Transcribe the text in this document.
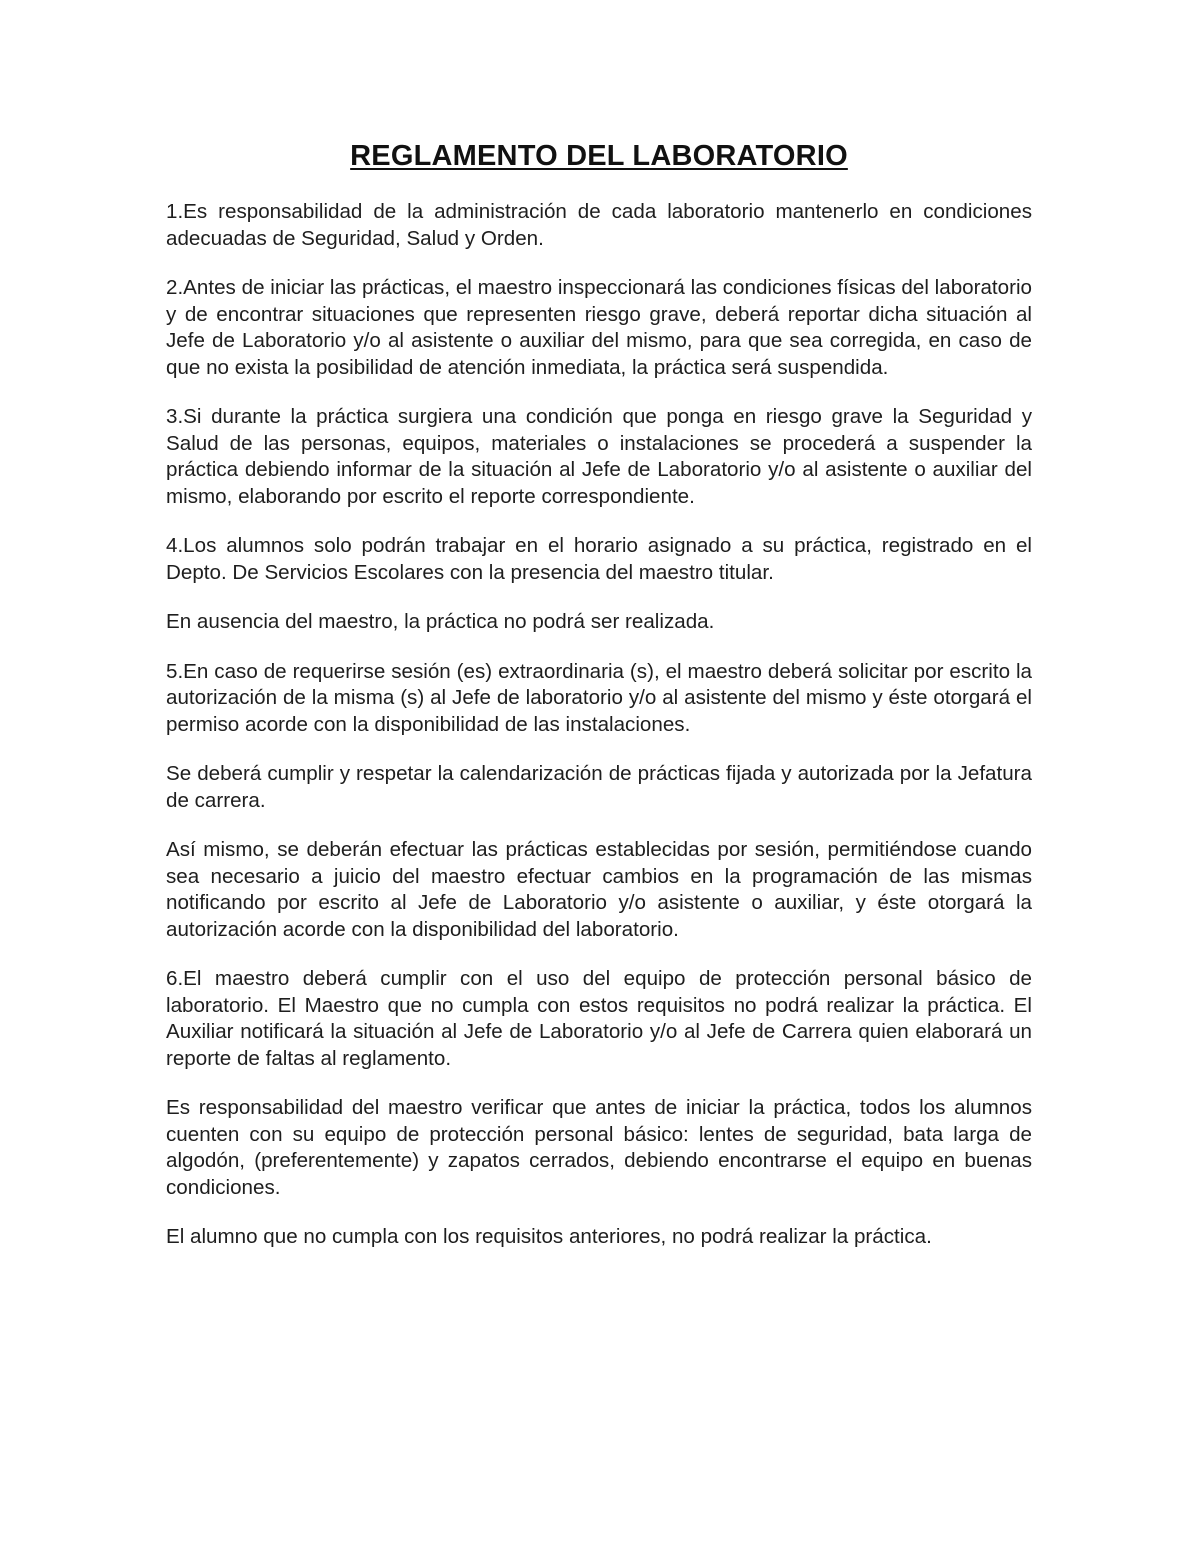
REGLAMENTO DEL LABORATORIO

1.Es responsabilidad de la administración de cada laboratorio mantenerlo en condiciones adecuadas de Seguridad, Salud y Orden.

2.Antes de iniciar las prácticas, el maestro inspeccionará las condiciones físicas del laboratorio y de encontrar situaciones que representen riesgo grave, deberá reportar dicha situación al Jefe de Laboratorio y/o al asistente o auxiliar del mismo, para que sea corregida, en caso de que no exista la posibilidad de atención inmediata, la práctica será suspendida.

3.Si durante la práctica surgiera una condición que ponga en riesgo grave la Seguridad y Salud de las personas, equipos, materiales o instalaciones se procederá a suspender la práctica debiendo informar de la situación al Jefe de Laboratorio y/o al asistente o auxiliar del mismo, elaborando por escrito el reporte correspondiente.

4.Los alumnos solo podrán trabajar en el horario asignado a su práctica, registrado en el Depto. De Servicios Escolares con la presencia del maestro titular.

En ausencia del maestro, la práctica no podrá ser realizada.

5.En caso de requerirse sesión (es) extraordinaria (s), el maestro deberá solicitar por escrito la autorización de la misma (s) al Jefe de laboratorio y/o al asistente del mismo y éste otorgará el permiso acorde con la disponibilidad de las instalaciones.

Se deberá cumplir y respetar la calendarización de prácticas fijada y autorizada por la Jefatura de carrera.

Así mismo, se deberán efectuar las prácticas establecidas por sesión, permitiéndose cuando sea necesario a juicio del maestro efectuar cambios en la programación de las mismas notificando por escrito al Jefe de Laboratorio y/o asistente o auxiliar, y éste otorgará la autorización acorde con la disponibilidad del laboratorio.

6.El maestro deberá cumplir con el uso del equipo de protección personal básico de laboratorio. El Maestro que no cumpla con estos requisitos no podrá realizar la práctica. El Auxiliar notificará la situación al Jefe de Laboratorio y/o al Jefe de Carrera quien elaborará un reporte de faltas al reglamento.

Es responsabilidad del maestro verificar que antes de iniciar la práctica, todos los alumnos cuenten con su equipo de protección personal básico: lentes de seguridad, bata larga de algodón, (preferentemente) y zapatos cerrados, debiendo encontrarse el equipo en buenas condiciones.

El alumno que no cumpla con los requisitos anteriores, no podrá realizar la práctica.
